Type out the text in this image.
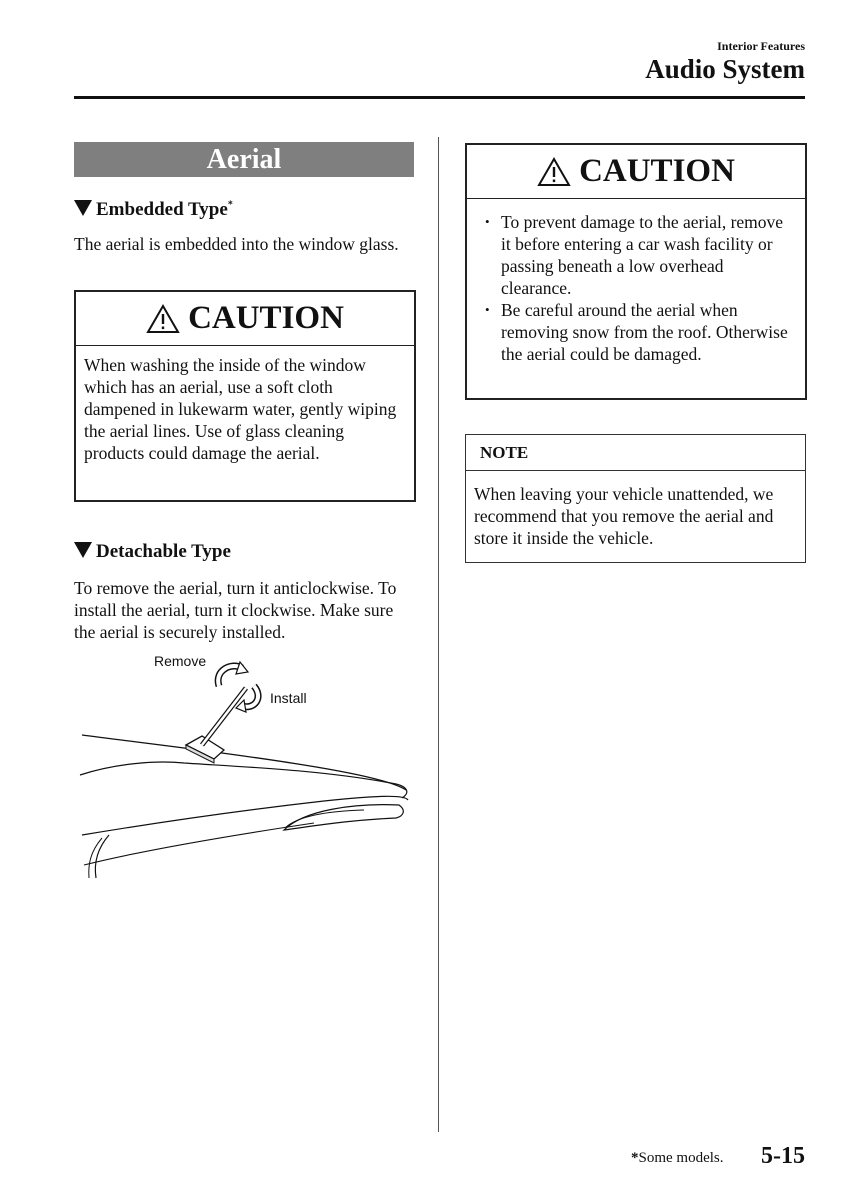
Interior Features
Audio System
Aerial
Embedded Type*
The aerial is embedded into the window glass.
CAUTION
When washing the inside of the window which has an aerial, use a soft cloth dampened in lukewarm water, gently wiping the aerial lines. Use of glass cleaning products could damage the aerial.
Detachable Type
To remove the aerial, turn it anticlockwise. To install the aerial, turn it clockwise. Make sure the aerial is securely installed.
Remove
Install
CAUTION
• To prevent damage to the aerial, remove it before entering a car wash facility or passing beneath a low overhead clearance.
• Be careful around the aerial when removing snow from the roof. Otherwise the aerial could be damaged.
NOTE
When leaving your vehicle unattended, we recommend that you remove the aerial and store it inside the vehicle.
*Some models. 5-15
